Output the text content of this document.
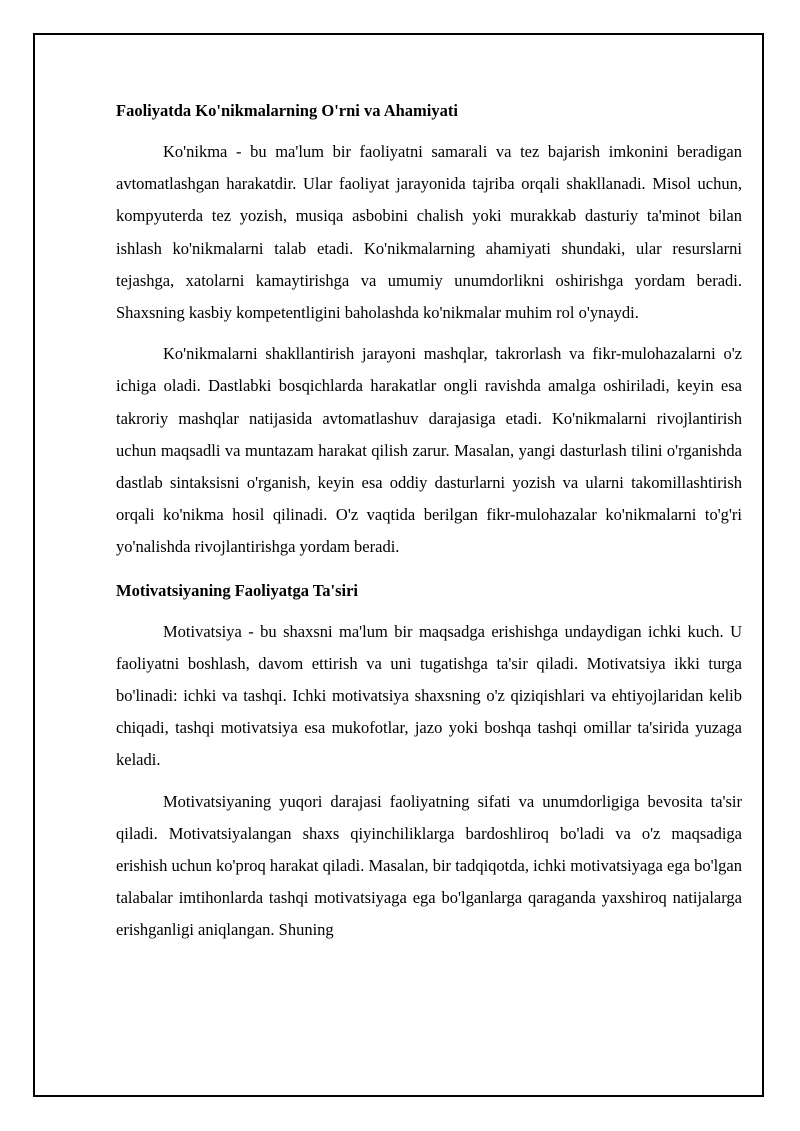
Faoliyatda Ko'nikmalarning O'rni va Ahamiyati

Ko'nikma - bu ma'lum bir faoliyatni samarali va tez bajarish imkonini beradigan avtomatlashgan harakatdir. Ular faoliyat jarayonida tajriba orqali shakllanadi. Misol uchun, kompyuterda tez yozish, musiqa asbobini chalish yoki murakkab dasturiy ta'minot bilan ishlash ko'nikmalarni talab etadi. Ko'nikmalarning ahamiyati shundaki, ular resurslarni tejashga, xatolarni kamaytirishga va umumiy unumdorlikni oshirishga yordam beradi. Shaxsning kasbiy kompetentligini baholashda ko'nikmalar muhim rol o'ynaydi.

Ko'nikmalarni shakllantirish jarayoni mashqlar, takrorlash va fikr-mulohazalarni o'z ichiga oladi. Dastlabki bosqichlarda harakatlar ongli ravishda amalga oshiriladi, keyin esa takroriy mashqlar natijasida avtomatlashuv darajasiga etadi. Ko'nikmalarni rivojlantirish uchun maqsadli va muntazam harakat qilish zarur. Masalan, yangi dasturlash tilini o'rganishda dastlab sintaksisni o'rganish, keyin esa oddiy dasturlarni yozish va ularni takomillashtirish orqali ko'nikma hosil qilinadi. O'z vaqtida berilgan fikr-mulohazalar ko'nikmalarni to'g'ri yo'nalishda rivojlantirishga yordam beradi.

Motivatsiyaning Faoliyatga Ta'siri

Motivatsiya - bu shaxsni ma'lum bir maqsadga erishishga undaydigan ichki kuch. U faoliyatni boshlash, davom ettirish va uni tugatishga ta'sir qiladi. Motivatsiya ikki turga bo'linadi: ichki va tashqi. Ichki motivatsiya shaxsning o'z qiziqishlari va ehtiyojlaridan kelib chiqadi, tashqi motivatsiya esa mukofotlar, jazo yoki boshqa tashqi omillar ta'sirida yuzaga keladi.

Motivatsiyaning yuqori darajasi faoliyatning sifati va unumdorligiga bevosita ta'sir qiladi. Motivatsiyalangan shaxs qiyinchiliklarga bardoshliroq bo'ladi va o'z maqsadiga erishish uchun ko'proq harakat qiladi. Masalan, bir tadqiqotda, ichki motivatsiyaga ega bo'lgan talabalar imtihonlarda tashqi motivatsiyaga ega bo'lganlarga qaraganda yaxshiroq natijalarga erishganligi aniqlangan. Shuning
